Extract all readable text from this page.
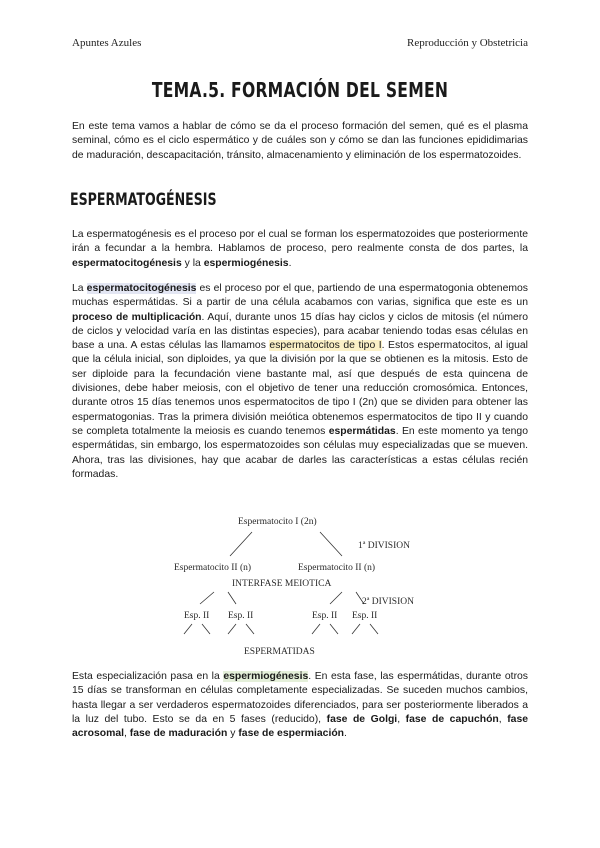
Apuntes Azules	Reproducción y Obstetricia
TEMA.5. FORMACIÓN DEL SEMEN

En este tema vamos a hablar de cómo se da el proceso formación del semen, qué es el plasma seminal, cómo es el ciclo espermático y de cuáles son y cómo se dan las funciones epididimarias de maduración, descapacitación, tránsito, almacenamiento y eliminación de los espermatozoides.

ESPERMATOGÉNESIS

La espermatogénesis es el proceso por el cual se forman los espermatozoides que posteriormente irán a fecundar a la hembra. Hablamos de proceso, pero realmente consta de dos partes, la espermatocitogénesis y la espermiogénesis.

La espermatocitogénesis es el proceso por el que, partiendo de una espermatogonia obtenemos muchas espermátidas. Si a partir de una célula acabamos con varias, significa que este es un proceso de multiplicación. Aquí, durante unos 15 días hay ciclos y ciclos de mitosis (el número de ciclos y velocidad varía en las distintas especies), para acabar teniendo todas esas células en base a una. A estas células las llamamos espermatocitos de tipo I. Estos espermatocitos, al igual que la célula inicial, son diploides, ya que la división por la que se obtienen es la mitosis. Esto de ser diploide para la fecundación viene bastante mal, así que después de esta quincena de divisiones, debe haber meiosis, con el objetivo de tener una reducción cromosómica. Entonces, durante otros 15 días tenemos unos espermatocitos de tipo I (2n) que se dividen para obtener las espermatogonias. Tras la primera división meiótica obtenemos espermatocitos de tipo II y cuando se completa totalmente la meiosis es cuando tenemos espermátidas. En este momento ya tengo espermátidas, sin embargo, los espermatozoides son células muy especializadas que se mueven. Ahora, tras las divisiones, hay que acabar de darles las características a estas células recién formadas.

Espermatocito I (2n)
1ª DIVISION
Espermatocito II (n)	Espermatocito II (n)
INTERFASE MEIOTICA
2ª DIVISION
Esp. II Esp. II	Esp. II Esp. II
ESPERMATIDAS

Esta especialización pasa en la espermiogénesis. En esta fase, las espermátidas, durante otros 15 días se transforman en células completamente especializadas. Se suceden muchos cambios, hasta llegar a ser verdaderos espermatozoides diferenciados, para ser posteriormente liberados a la luz del tubo. Esto se da en 5 fases (reducido), fase de Golgi, fase de capuchón, fase acrosomal, fase de maduración y fase de espermiación.
